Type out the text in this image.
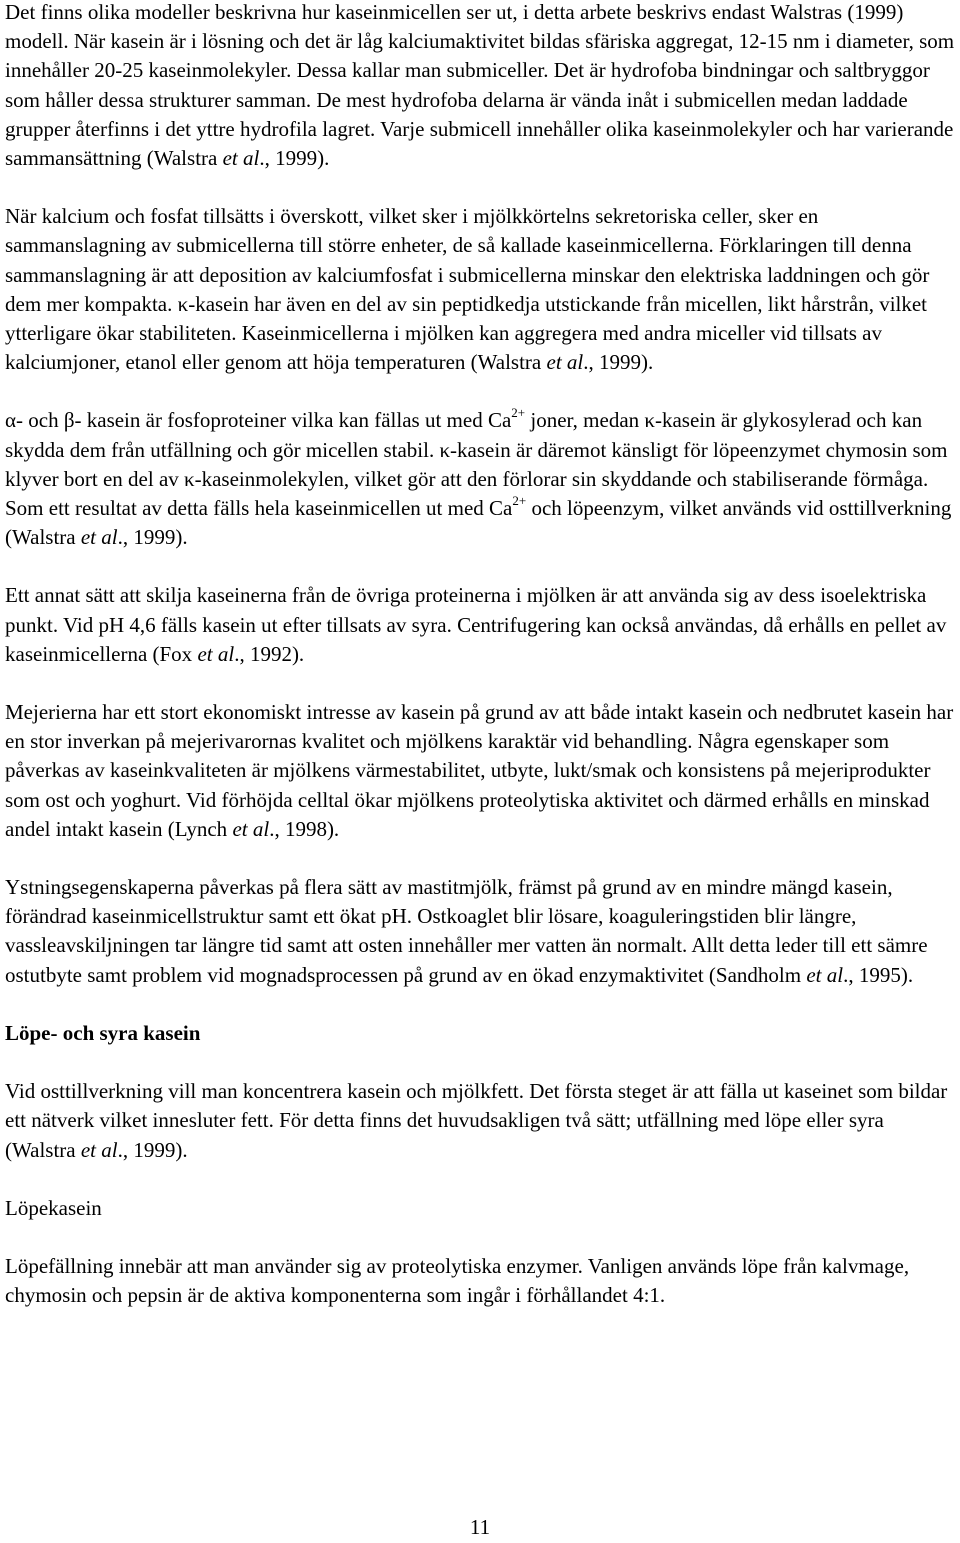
Det finns olika modeller beskrivna hur kaseinmicellen ser ut, i detta arbete beskrivs endast Walstras (1999) modell. När kasein är i lösning och det är låg kalciumaktivitet bildas sfäriska aggregat, 12-15 nm i diameter, som innehåller 20-25 kaseinmolekyler. Dessa kallar man submiceller. Det är hydrofoba bindningar och saltbryggor som håller dessa strukturer samman. De mest hydrofoba delarna är vända inåt i submicellen medan laddade grupper återfinns i det yttre hydrofila lagret. Varje submicell innehåller olika kaseinmolekyler och har varierande sammansättning (Walstra et al., 1999).

När kalcium och fosfat tillsätts i överskott, vilket sker i mjölkkörtelns sekretoriska celler, sker en sammanslagning av submicellerna till större enheter, de så kallade kaseinmicellerna. Förklaringen till denna sammanslagning är att deposition av kalciumfosfat i submicellerna minskar den elektriska laddningen och gör dem mer kompakta. κ-kasein har även en del av sin peptidkedja utstickande från micellen, likt hårstrån, vilket ytterligare ökar stabiliteten. Kaseinmicellerna i mjölken kan aggregera med andra miceller vid tillsats av kalciumjoner, etanol eller genom att höja temperaturen (Walstra et al., 1999).

α- och β- kasein är fosfoproteiner vilka kan fällas ut med $Ca^{2+}$ joner, medan κ-kasein är glykosylerad och kan skydda dem från utfällning och gör micellen stabil. κ-kasein är däremot känsligt för löpeenzymet chymosin som klyver bort en del av κ-kaseinmolekylen, vilket gör att den förlorar sin skyddande och stabiliserande förmåga. Som ett resultat av detta fälls hela kaseinmicellen ut med $Ca^{2+}$ och löpeenzym, vilket används vid osttillverkning (Walstra et al., 1999).

Ett annat sätt att skilja kaseinerna från de övriga proteinerna i mjölken är att använda sig av dess isoelektriska punkt. Vid pH 4,6 fälls kasein ut efter tillsats av syra. Centrifugering kan också användas, då erhålls en pellet av kaseinmicellerna (Fox et al., 1992).

Mejerierna har ett stort ekonomiskt intresse av kasein på grund av att både intakt kasein och nedbrutet kasein har en stor inverkan på mejerivarornas kvalitet och mjölkens karaktär vid behandling. Några egenskaper som påverkas av kaseinkvaliteten är mjölkens värmestabilitet, utbyte, lukt/smak och konsistens på mejeriprodukter som ost och yoghurt. Vid förhöjda celltal ökar mjölkens proteolytiska aktivitet och därmed erhålls en minskad andel intakt kasein (Lynch et al., 1998).

Ystningsegenskaperna påverkas på flera sätt av mastitmjölk, främst på grund av en mindre mängd kasein, förändrad kaseinmicellstruktur samt ett ökat pH. Ostkoaglet blir lösare, koaguleringstiden blir längre, vassleavskiljningen tar längre tid samt att osten innehåller mer vatten än normalt. Allt detta leder till ett sämre ostutbyte samt problem vid mognadsprocessen på grund av en ökad enzymaktivitet (Sandholm et al., 1995).

Löpe- och syra kasein

Vid osttillverkning vill man koncentrera kasein och mjölkfett. Det första steget är att fälla ut kaseinet som bildar ett nätverk vilket innesluter fett. För detta finns det huvudsakligen två sätt; utfällning med löpe eller syra (Walstra et al., 1999).

Löpekasein

Löpefällning innebär att man använder sig av proteolytiska enzymer. Vanligen används löpe från kalvmage, chymosin och pepsin är de aktiva komponenterna som ingår i förhållandet 4:1.

11
